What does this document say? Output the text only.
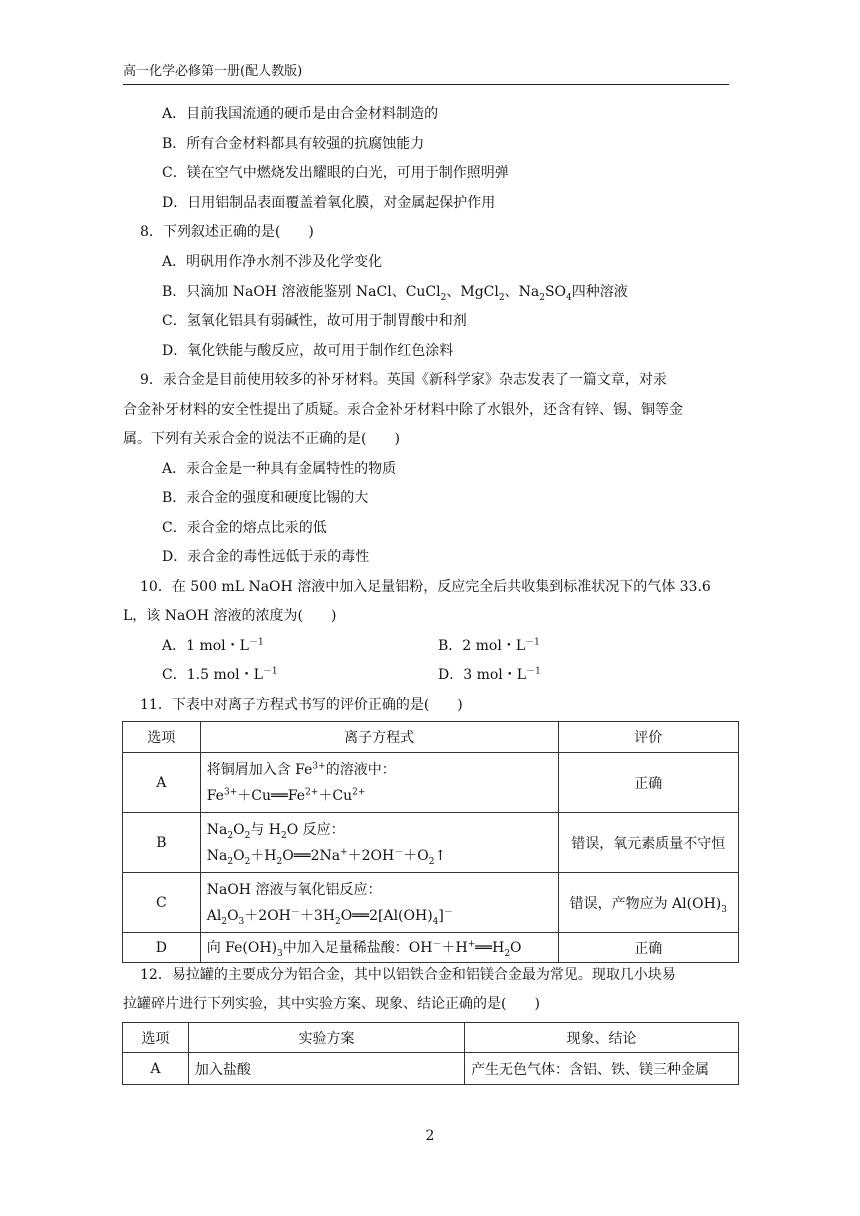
高一化学必修第一册(配人教版)
A．目前我国流通的硬币是由合金材料制造的
B．所有合金材料都具有较强的抗腐蚀能力
C．镁在空气中燃烧发出耀眼的白光，可用于制作照明弹
D．日用铝制品表面覆盖着氧化膜，对金属起保护作用
8．下列叙述正确的是(　　)
A．明矾用作净水剂不涉及化学变化
B．只滴加 NaOH 溶液能鉴别 NaCl、CuCl$_2$、MgCl$_2$、$Na_2SO_4$四种溶液
C．氢氧化铝具有弱碱性，故可用于制胃酸中和剂
D．氧化铁能与酸反应，故可用于制作红色涂料
9．汞合金是目前使用较多的补牙材料。英国《新科学家》杂志发表了一篇文章，对汞
合金补牙材料的安全性提出了质疑。汞合金补牙材料中除了水银外，还含有锌、锡、铜等金
属。下列有关汞合金的说法不正确的是(　　)
A．汞合金是一种具有金属特性的物质
B．汞合金的强度和硬度比锡的大
C．汞合金的熔点比汞的低
D．汞合金的毒性远低于汞的毒性
10．在 500 mL NaOH 溶液中加入足量铝粉，反应完全后共收集到标准状况下的气体 33.6
L，该 NaOH 溶液的浓度为(　　)
A．1 mol・$L^{-1}$	B．2 mol・$L^{-1}$
C．1.5 mol・$L^{-1}$	D．3 mol・$L^{-1}$
11．下表中对离子方程式书写的评价正确的是(　　)
选项	离子方程式	评价
A	将铜屑加入含 $Fe^{3+}$的溶液中：
$Fe^{3+}+Cu══Fe^{2+}+Cu^{2+}$	正确
B	$Na_2O_2$与 $H_2O$ 反应：
$Na_2O_2+H_2O══2Na^++2OH^-+O_2↑$	错误，氧元素质量不守恒
C	NaOH 溶液与氧化铝反应：
$Al_2O_3+2OH^-+3H_2O══2[Al(OH)_4]^-$	错误，产物应为 $Al(OH)_3$
D	向 $Fe(OH)_3$中加入足量稀盐酸：$OH^-+H^+══H_2O$	正确
12．易拉罐的主要成分为铝合金，其中以铝铁合金和铝镁合金最为常见。现取几小块易
拉罐碎片进行下列实验，其中实验方案、现象、结论正确的是(　　)
选项	实验方案	现象、结论
A	加入盐酸	产生无色气体：含铝、铁、镁三种金属
2
